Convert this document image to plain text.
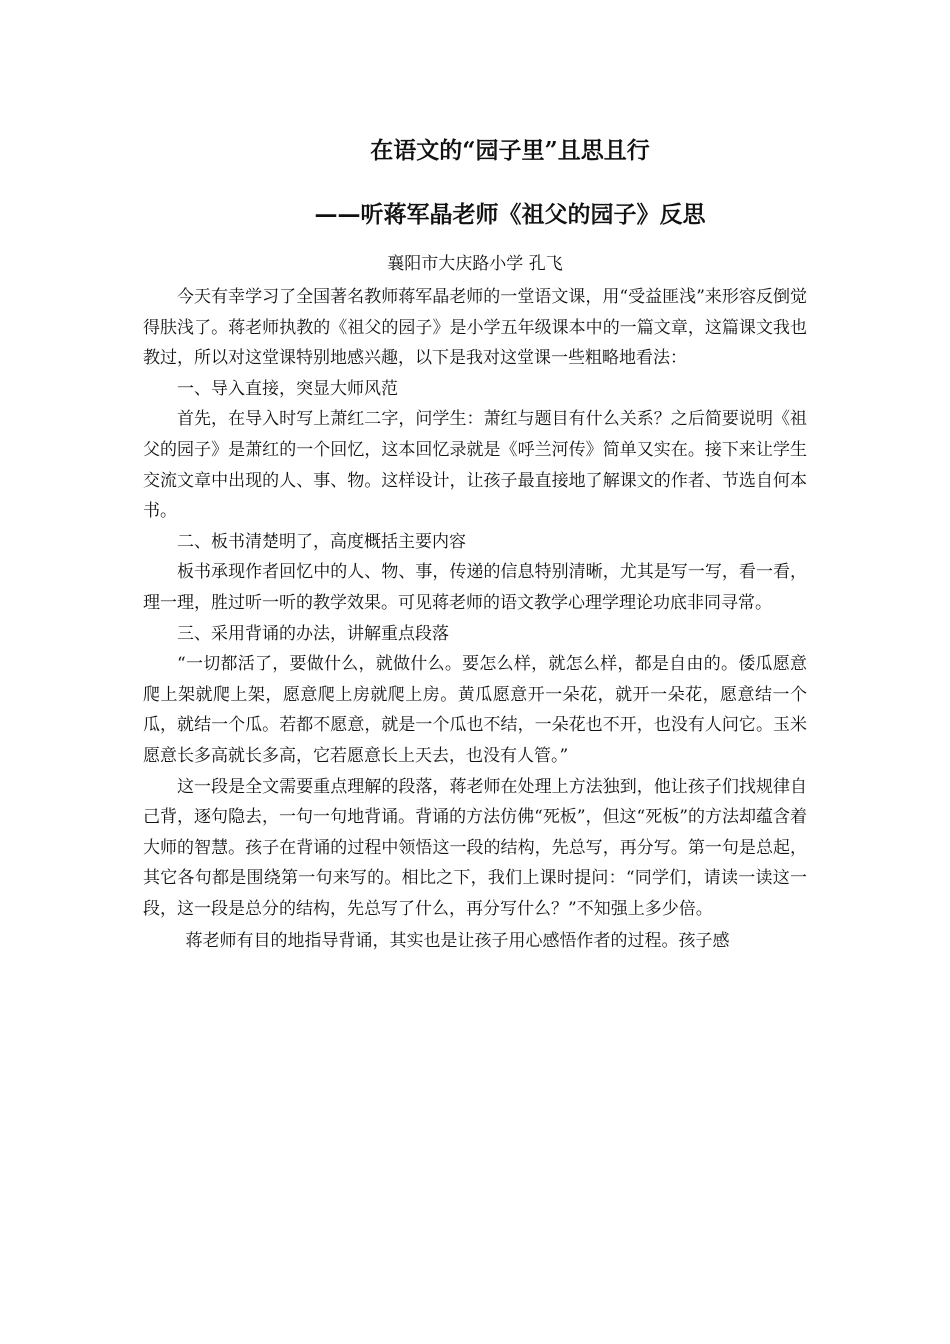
在语文的“园子里”且思且行
——听蒋军晶老师《祖父的园子》反思
襄阳市大庆路小学 孔飞

今天有幸学习了全国著名教师蒋军晶老师的一堂语文课，用“受益匪浅”来形容反倒觉得肤浅了。蒋老师执教的《祖父的园子》是小学五年级课本中的一篇文章，这篇课文我也教过，所以对这堂课特别地感兴趣，以下是我对这堂课一些粗略地看法：

一、导入直接，突显大师风范

首先，在导入时写上萧红二字，问学生：萧红与题目有什么关系？之后简要说明《祖父的园子》是萧红的一个回忆，这本回忆录就是《呼兰河传》简单又实在。接下来让学生交流文章中出现的人、事、物。这样设计，让孩子最直接地了解课文的作者、节选自何本书。

二、板书清楚明了，高度概括主要内容

板书承现作者回忆中的人、物、事，传递的信息特别清晰，尤其是写一写，看一看，理一理，胜过听一听的教学效果。可见蒋老师的语文教学心理学理论功底非同寻常。

三、采用背诵的办法，讲解重点段落

“一切都活了，要做什么，就做什么。要怎么样，就怎么样，都是自由的。倭瓜愿意爬上架就爬上架，愿意爬上房就爬上房。黄瓜愿意开一朵花，就开一朵花，愿意结一个瓜，就结一个瓜。若都不愿意，就是一个瓜也不结，一朵花也不开，也没有人问它。玉米愿意长多高就长多高，它若愿意长上天去，也没有人管。”

这一段是全文需要重点理解的段落，蒋老师在处理上方法独到，他让孩子们找规律自己背，逐句隐去，一句一句地背诵。背诵的方法仿佛“死板”，但这“死板”的方法却蕴含着大师的智慧。孩子在背诵的过程中领悟这一段的结构，先总写，再分写。第一句是总起，其它各句都是围绕第一句来写的。相比之下，我们上课时提问：“同学们，请读一读这一段，这一段是总分的结构，先总写了什么，再分写什么？”不知强上多少倍。

蒋老师有目的地指导背诵，其实也是让孩子用心感悟作者的过程。孩子感
